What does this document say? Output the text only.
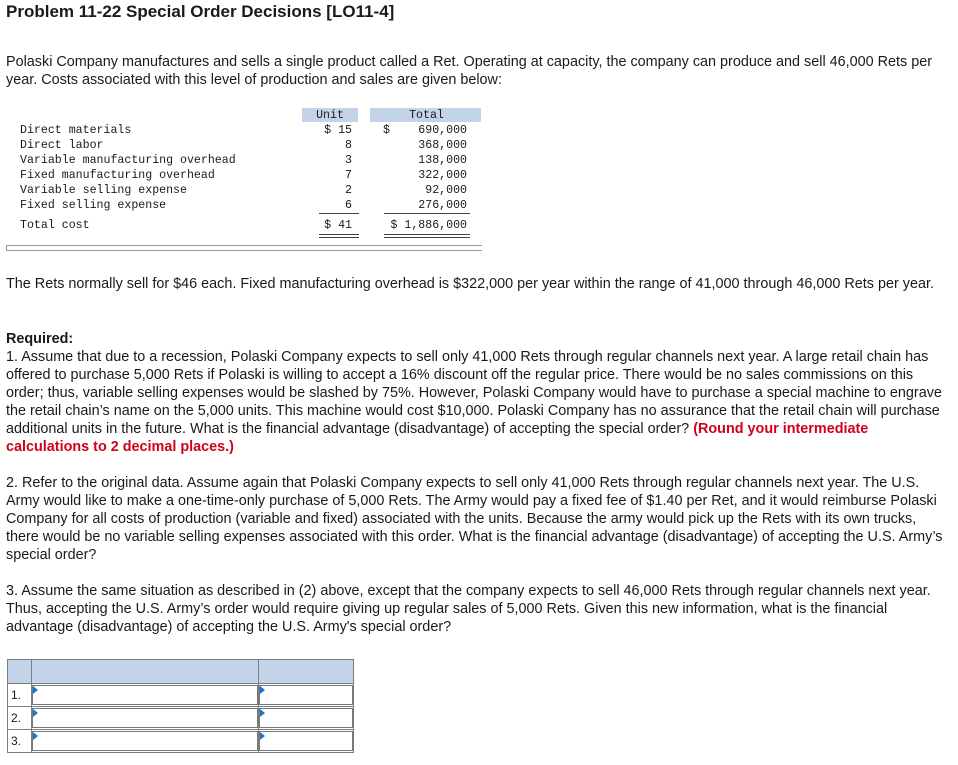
Problem 11-22 Special Order Decisions [LO11-4]

Polaski Company manufactures and sells a single product called a Ret. Operating at capacity, the company can produce and sell 46,000 Rets per year. Costs associated with this level of production and sales are given below:

Unit	Total
Direct materials	$ 15	$	690,000
Direct labor	8	368,000
Variable manufacturing overhead	3	138,000
Fixed manufacturing overhead	7	322,000
Variable selling expense	2	92,000
Fixed selling expense	6	276,000
Total cost	$ 41	$ 1,886,000

The Rets normally sell for $46 each. Fixed manufacturing overhead is $322,000 per year within the range of 41,000 through 46,000 Rets per year.

Required:

1. Assume that due to a recession, Polaski Company expects to sell only 41,000 Rets through regular channels next year. A large retail chain has offered to purchase 5,000 Rets if Polaski is willing to accept a 16% discount off the regular price. There would be no sales commissions on this order; thus, variable selling expenses would be slashed by 75%. However, Polaski Company would have to purchase a special machine to engrave the retail chain’s name on the 5,000 units. This machine would cost $10,000. Polaski Company has no assurance that the retail chain will purchase additional units in the future. What is the financial advantage (disadvantage) of accepting the special order? (Round your intermediate calculations to 2 decimal places.)

2. Refer to the original data. Assume again that Polaski Company expects to sell only 41,000 Rets through regular channels next year. The U.S. Army would like to make a one-time-only purchase of 5,000 Rets. The Army would pay a fixed fee of $1.40 per Ret, and it would reimburse Polaski Company for all costs of production (variable and fixed) associated with the units. Because the army would pick up the Rets with its own trucks, there would be no variable selling expenses associated with this order. What is the financial advantage (disadvantage) of accepting the U.S. Army’s special order?

3. Assume the same situation as described in (2) above, except that the company expects to sell 46,000 Rets through regular channels next year. Thus, accepting the U.S. Army’s order would require giving up regular sales of 5,000 Rets. Given this new information, what is the financial advantage (disadvantage) of accepting the U.S. Army's special order?

1.	

2.	

3.	
